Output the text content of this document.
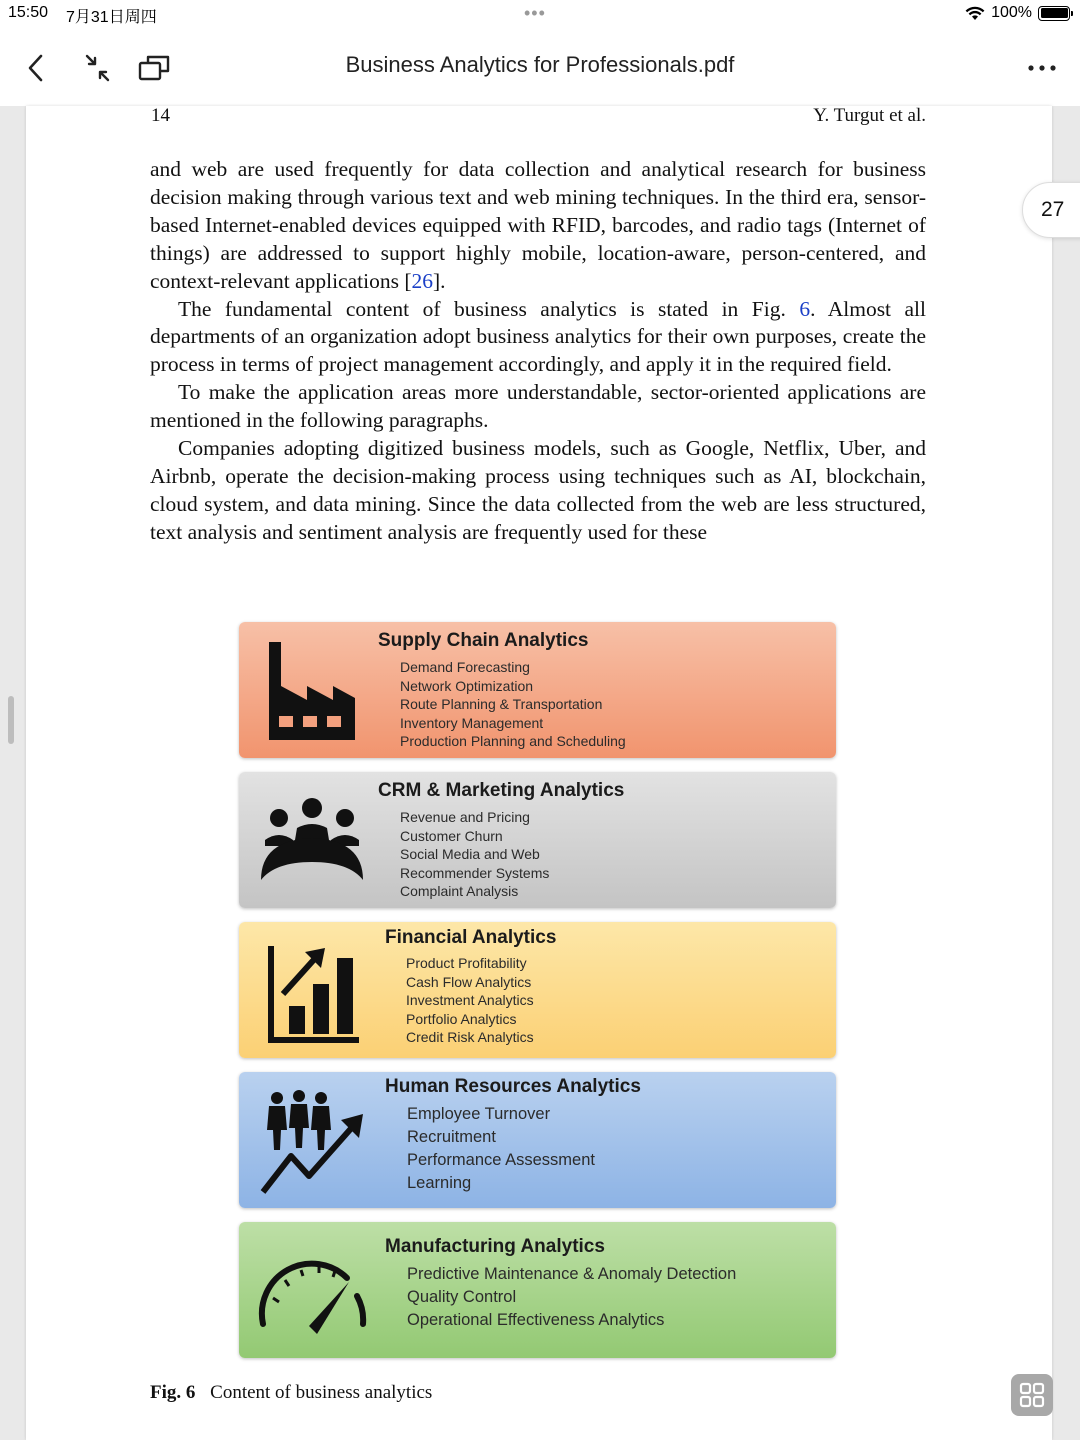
15:50 7月31日周四	•••	100%
Business Analytics for Professionals.pdf
14	Y. Turgut et al.

and web are used frequently for data collection and analytical research for business decision making through various text and web mining techniques. In the third era, sensor-based Internet-enabled devices equipped with RFID, barcodes, and radio tags (Internet of things) are addressed to support highly mobile, location-aware, person-centered, and context-relevant applications [26].

The fundamental content of business analytics is stated in Fig. 6. Almost all departments of an organization adopt business analytics for their own purposes, create the process in terms of project management accordingly, and apply it in the required field.

To make the application areas more understandable, sector-oriented applications are mentioned in the following paragraphs.

Companies adopting digitized business models, such as Google, Netflix, Uber, and Airbnb, operate the decision-making process using techniques such as AI, blockchain, cloud system, and data mining. Since the data collected from the web are less structured, text analysis and sentiment analysis are frequently used for these

Supply Chain Analytics
Demand Forecasting
Network Optimization
Route Planning & Transportation
Inventory Management
Production Planning and Scheduling
CRM & Marketing Analytics
Revenue and Pricing
Customer Churn
Social Media and Web
Recommender Systems
Complaint Analysis
Financial Analytics
Product Profitability
Cash Flow Analytics
Investment Analytics
Portfolio Analytics
Credit Risk Analytics
Human Resources Analytics
Employee Turnover
Recruitment
Performance Assessment
Learning
Manufacturing Analytics
Predictive Maintenance & Anomaly Detection
Quality Control
Operational Effectiveness Analytics
Fig. 6 Content of business analytics
27
